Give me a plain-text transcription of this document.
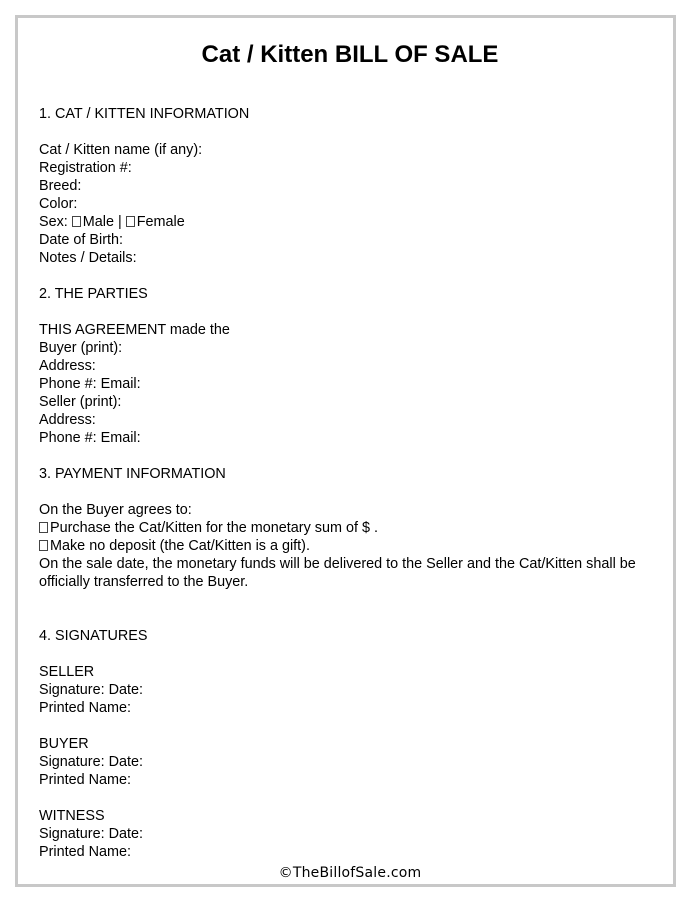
Cat / Kitten BILL OF SALE
1. CAT / KITTEN INFORMATION
Cat / Kitten name (if any):
Registration #:
Breed:
Color:
Sex: Male | Female
Date of Birth:
Notes / Details:
2. THE PARTIES
THIS AGREEMENT made the
Buyer (print):
Address:
Phone #: Email:
Seller (print):
Address:
Phone #: Email:
3. PAYMENT INFORMATION
On the Buyer agrees to:
Purchase the Cat/Kitten for the monetary sum of $ .
Make no deposit (the Cat/Kitten is a gift).
On the sale date, the monetary funds will be delivered to the Seller and the Cat/Kitten shall be officially transferred to the Buyer.
4. SIGNATURES
SELLER
Signature: Date:
Printed Name:
BUYER
Signature: Date:
Printed Name:
WITNESS
Signature: Date:
Printed Name:
©TheBillofSale.com
